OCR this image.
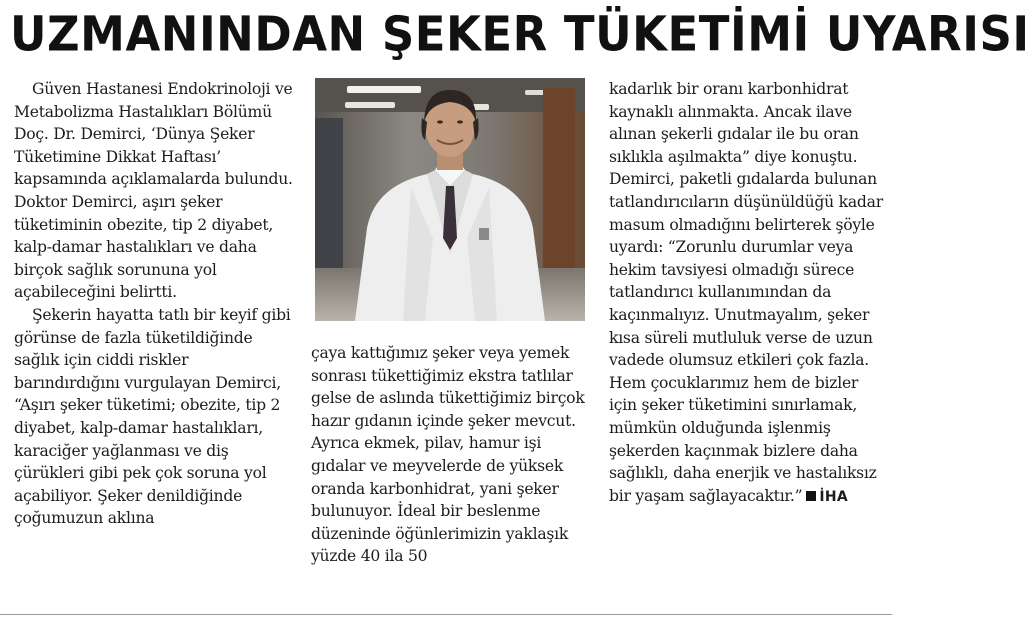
UZMANINDAN ŞEKER TÜKETİMİ UYARISI

Güven Hastanesi Endokrinoloji ve Metabolizma Hastalıkları Bölümü Doç. Dr. Demirci, ‘Dünya Şeker Tüketimine Dikkat Haftası’ kapsamında açıklamalarda bulundu. Doktor Demirci, aşırı şeker tüketiminin obezite, tip 2 diyabet, kalp-damar hastalıkları ve daha birçok sağlık sorununa yol açabileceğini belirtti.

Şekerin hayatta tatlı bir keyif gibi görünse de fazla tüketildiğinde sağlık için ciddi riskler barındırdığını vurgulayan Demirci, “Aşırı şeker tüketimi; obezite, tip 2 diyabet, kalp-damar hastalıkları, karaciğer yağlanması ve diş çürükleri gibi pek çok soruna yol açabiliyor. Şeker denildiğinde çoğumuzun aklına

çaya kattığımız şeker veya yemek sonrası tükettiğimiz ekstra tatlılar gelse de aslında tükettiğimiz birçok hazır gıdanın içinde şeker mevcut. Ayrıca ekmek, pilav, hamur işi gıdalar ve meyvelerde de yüksek oranda karbonhidrat, yani şeker bulunuyor. İdeal bir beslenme düzeninde öğünlerimizin yaklaşık yüzde 40 ila 50

kadarlık bir oranı karbonhidrat kaynaklı alınmakta. Ancak ilave alınan şekerli gıdalar ile bu oran sıklıkla aşılmakta” diye konuştu. Demirci, paketli gıdalarda bulunan tatlandırıcıların düşünüldüğü kadar masum olmadığını belirterek şöyle uyardı: “Zorunlu durumlar veya hekim tavsiyesi olmadığı sürece tatlandırıcı kullanımından da kaçınmalıyız. Unutmayalım, şeker kısa süreli mutluluk verse de uzun vadede olumsuz etkileri çok fazla. Hem çocuklarımız hem de bizler için şeker tüketimini sınırlamak, mümkün olduğunda işlenmiş şekerden kaçınmak bizlere daha sağlıklı, daha enerjik ve hastalıksız bir yaşam sağlayacaktır.” İHA
